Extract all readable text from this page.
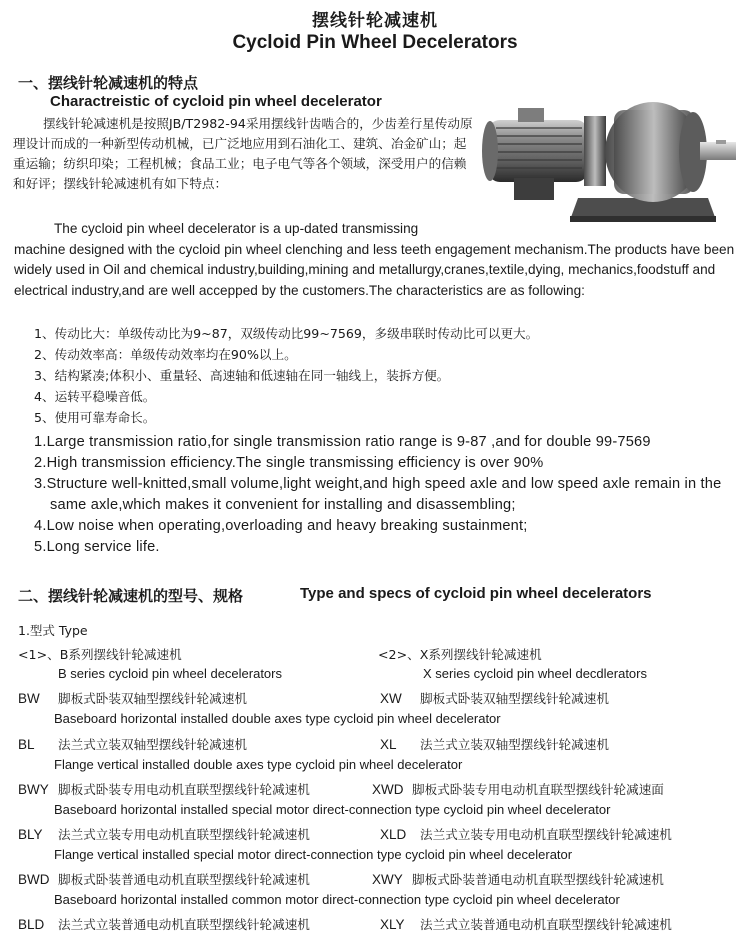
摆线针轮减速机
Cycloid Pin Wheel Decelerators
一、摆线针轮减速机的特点
Charactreistic of cycloid pin wheel decelerator
摆线针轮减速机是按照JB/T2982-94采用摆线针齿啮合的，少齿差行星传动原理设计而成的一种新型传动机械，已广泛地应用到石油化工、建筑、冶金矿山；起重运输；纺织印染；工程机械；食品工业；电子电气等各个领域，深受用户的信赖和好评；摆线针轮减速机有如下特点：
The cycloid pin wheel decelerator is a up-dated transmissing
machine designed with the cycloid pin wheel clenching and less teeth engagement mechanism.The products have been widely used in Oil and chemical industry,building,mining and metallurgy,cranes,textile,dying, mechanics,foodstuff and electrical industry,and are well accepped by the customers.The characteristics are as following:
1、传动比大：单级传动比为9~87，双级传动比99~7569，多级串联时传动比可以更大。
2、传动效率高：单级传动效率均在90%以上。
3、结构紧凑;体积小、重量轻、高速轴和低速轴在同一轴线上，装拆方便。
4、运转平稳噪音低。
5、使用可靠寿命长。
1.Large transmission ratio,for single transmission ratio range is 9-87 ,and for double 99-7569
2.High transmission efficiency.The single transmissing efficiency is over 90%
3.Structure well-knitted,small volume,light weight,and high speed axle and low speed axle remain in the same axle,which makes it convenient for installing and disassembling;
4.Low noise when operating,overloading and heavy breaking sustainment;
5.Long service life.
二、摆线针轮减速机的型号、规格	Type and specs of cycloid pin wheel decelerators
1.型式 Type
<1>、B系列摆线针轮减速机	<2>、X系列摆线针轮减速机
B series cycloid pin wheel decelerators	X series cycloid pin wheel decdlerators
BW 脚板式卧装双轴型摆线针轮减速机	XW 脚板式卧装双轴型摆线针轮减速机
Baseboard horizontal installed double axes type cycloid pin wheel decelerator
BL 法兰式立装双轴型摆线针轮减速机	XL 法兰式立装双轴型摆线针轮减速机
Flange vertical installed double axes type cycloid pin wheel decelerator
BWY 脚板式卧装专用电动机直联型摆线针轮减速机	XWD 脚板式卧装专用电动机直联型摆线针轮减速面
Baseboard horizontal installed special motor direct-connection type cycloid pin wheel decelerator
BLY 法兰式立装专用电动机直联型摆线针轮减速机	XLD 法兰式立装专用电动机直联型摆线针轮减速机
Flange vertical installed special motor direct-connection type cycloid pin wheel decelerator
BWD 脚板式卧装普通电动机直联型摆线针轮减速机	XWY 脚板式卧装普通电动机直联型摆线针轮减速机
Baseboard horizontal installed common motor direct-connection type cycloid pin wheel decelerator
BLD 法兰式立装普通电动机直联型摆线针轮减速机	XLY 法兰式立装普通电动机直联型摆线针轮减速机
